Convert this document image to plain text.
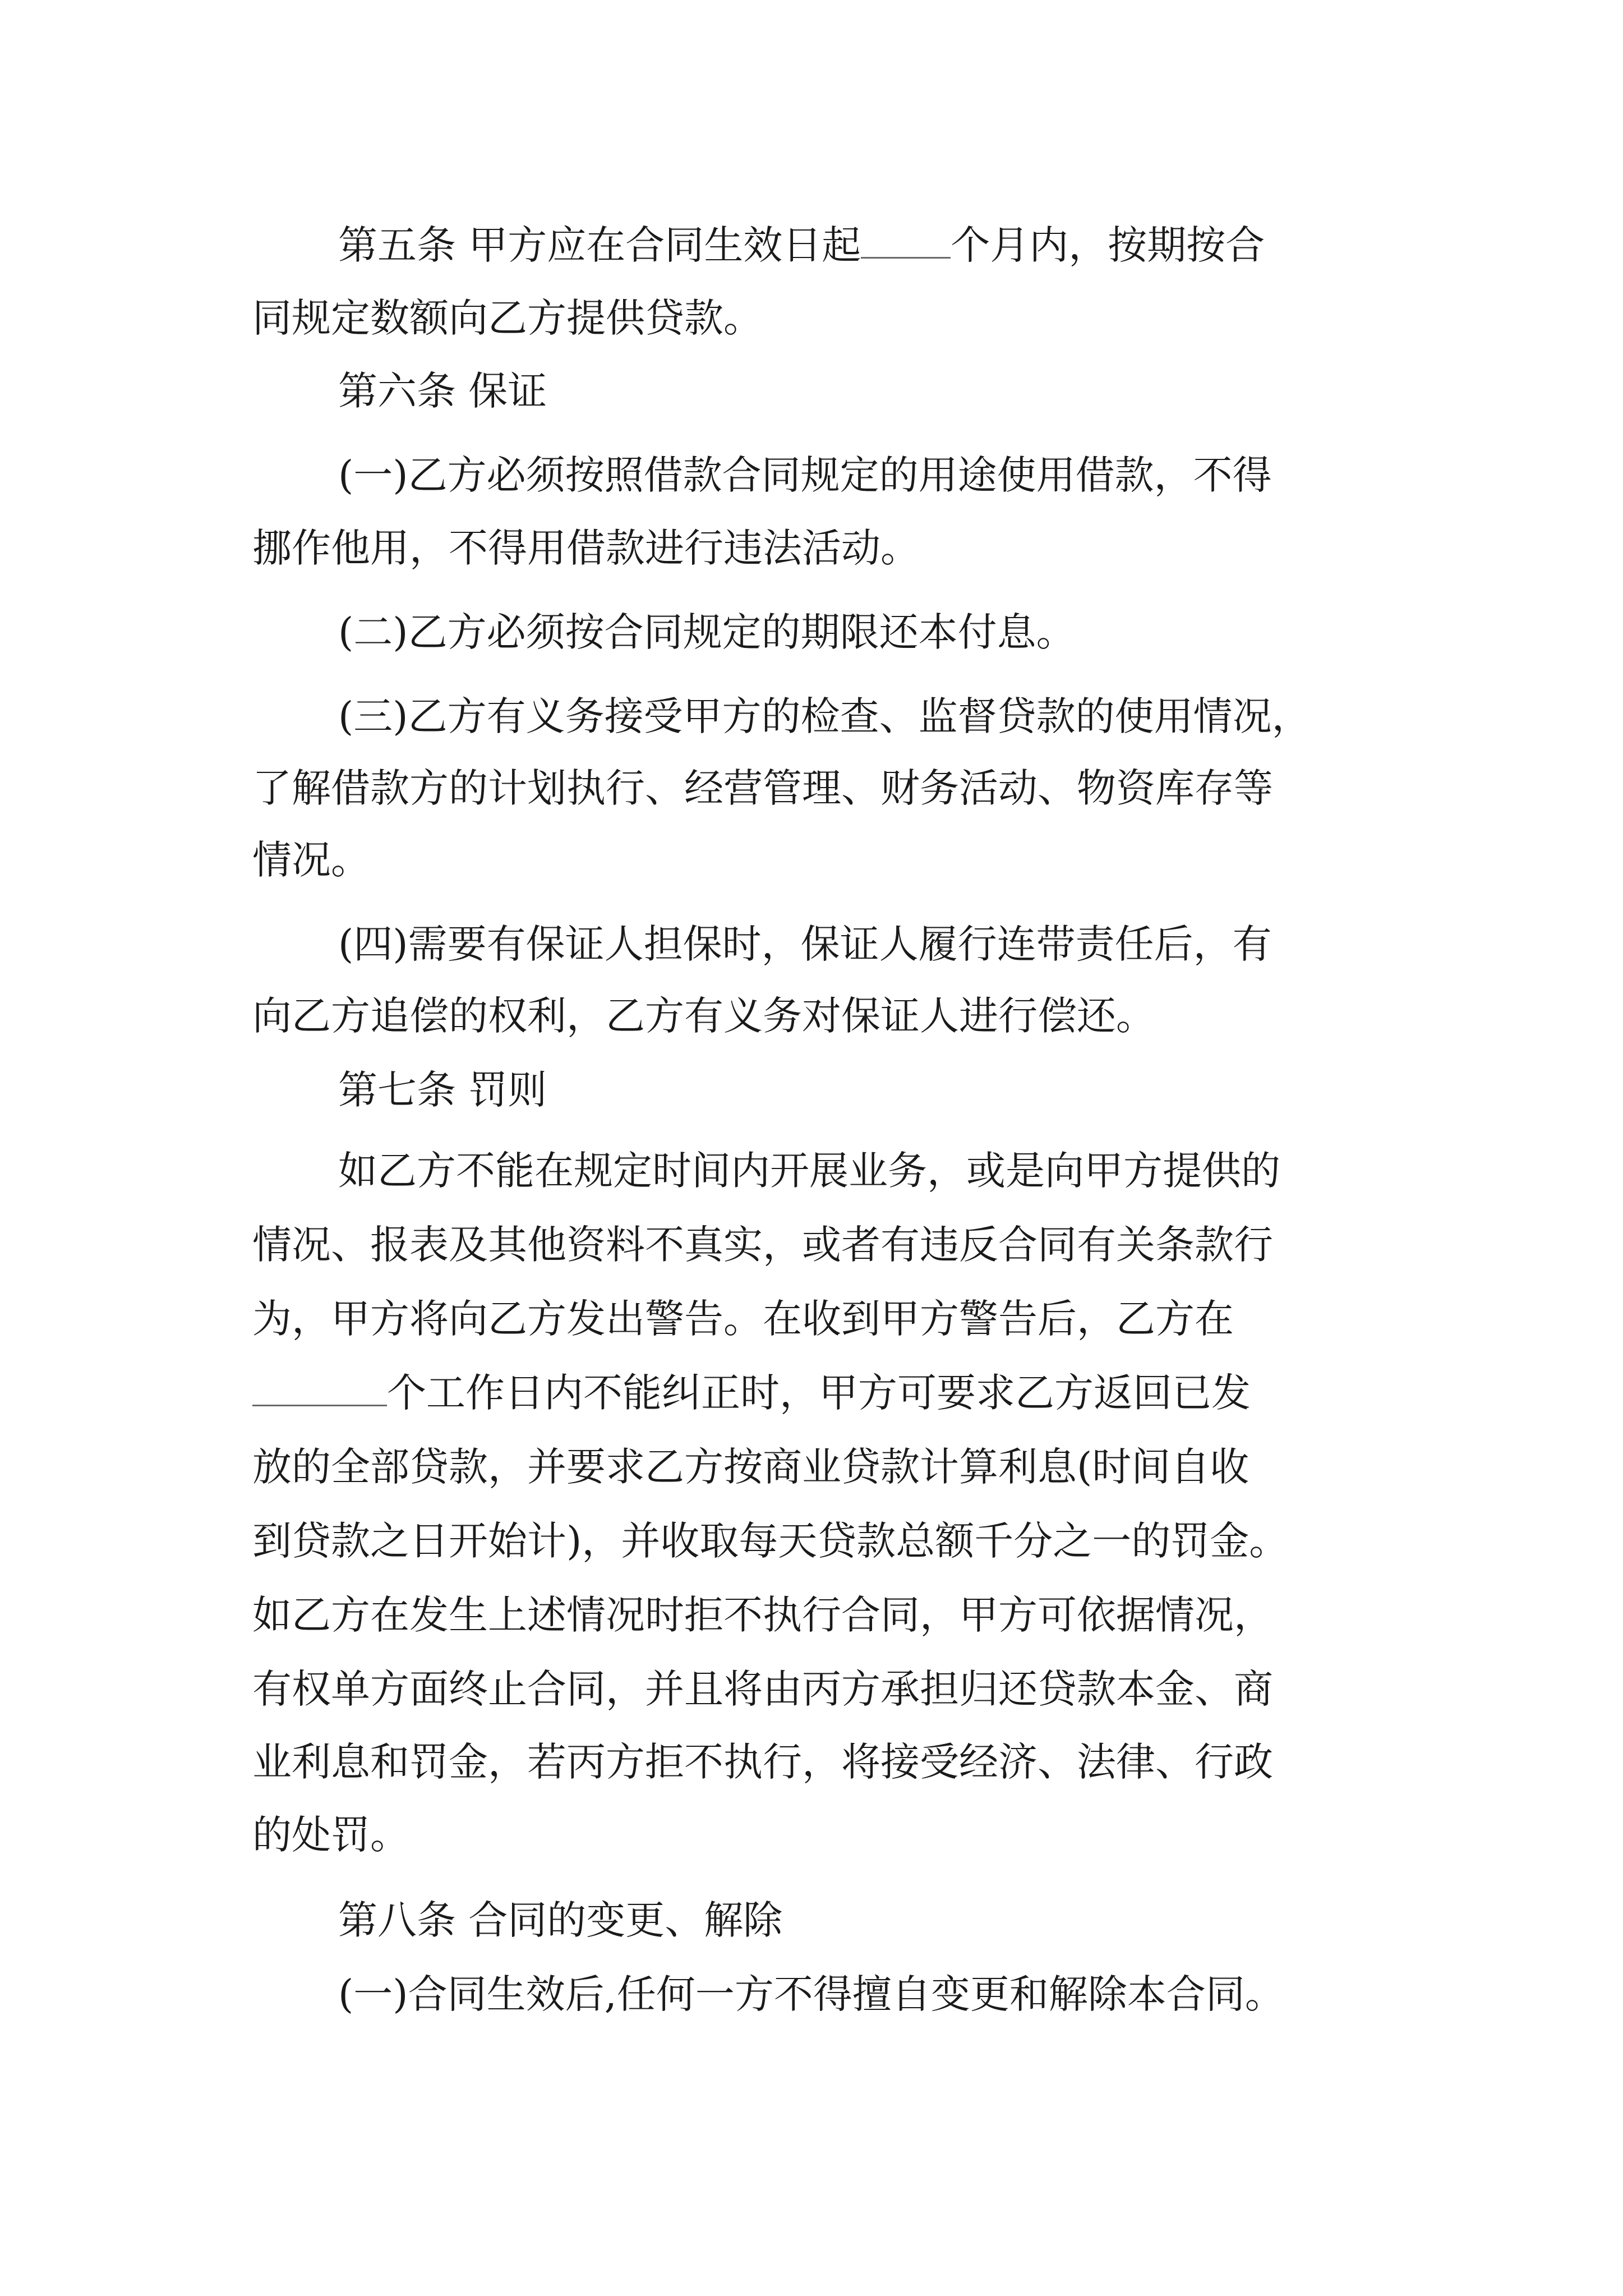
第五条 甲方应在合同生效日起 个月内，按期按合
同规定数额向乙方提供贷款。
第六条 保证
(一)乙方必须按照借款合同规定的用途使用借款，不得
挪作他用，不得用借款进行违法活动。
(二)乙方必须按合同规定的期限还本付息。
(三)乙方有义务接受甲方的检查、监督贷款的使用情况，
了解借款方的计划执行、经营管理、财务活动、物资库存等
情况。
(四)需要有保证人担保时，保证人履行连带责任后，有
向乙方追偿的权利，乙方有义务对保证人进行偿还。
第七条 罚则
如乙方不能在规定时间内开展业务，或是向甲方提供的
情况、报表及其他资料不真实，或者有违反合同有关条款行
为，甲方将向乙方发出警告。在收到甲方警告后，乙方在
个工作日内不能纠正时，甲方可要求乙方返回已发
放的全部贷款，并要求乙方按商业贷款计算利息(时间自收
到贷款之日开始计)，并收取每天贷款总额千分之一的罚金。
如乙方在发生上述情况时拒不执行合同，甲方可依据情况，
有权单方面终止合同，并且将由丙方承担归还贷款本金、商
业利息和罚金，若丙方拒不执行，将接受经济、法律、行政
的处罚。
第八条 合同的变更、解除
(一)合同生效后,任何一方不得擅自变更和解除本合同。
